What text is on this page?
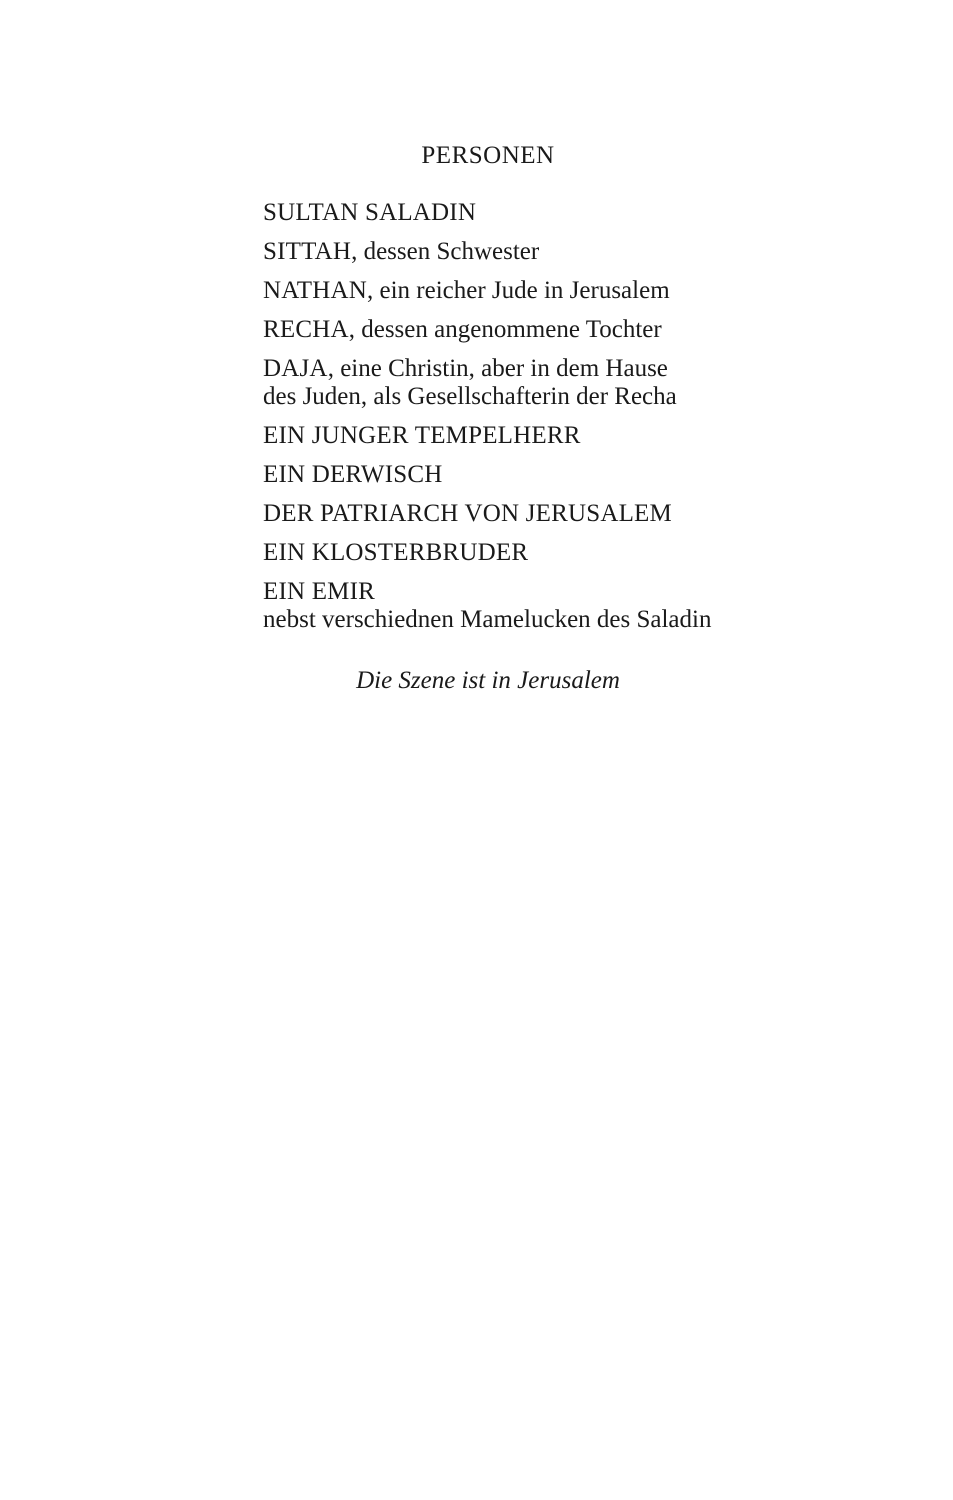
PERSONEN
SULTAN SALADIN
SITTAH, dessen Schwester
NATHAN, ein reicher Jude in Jerusalem
RECHA, dessen angenommene Tochter
DAJA, eine Christin, aber in dem Hause
des Juden, als Gesellschafterin der Recha
EIN JUNGER TEMPELHERR
EIN DERWISCH
DER PATRIARCH VON JERUSALEM
EIN KLOSTERBRUDER
EIN EMIR
nebst verschiednen Mamelucken des Saladin
Die Szene ist in Jerusalem
